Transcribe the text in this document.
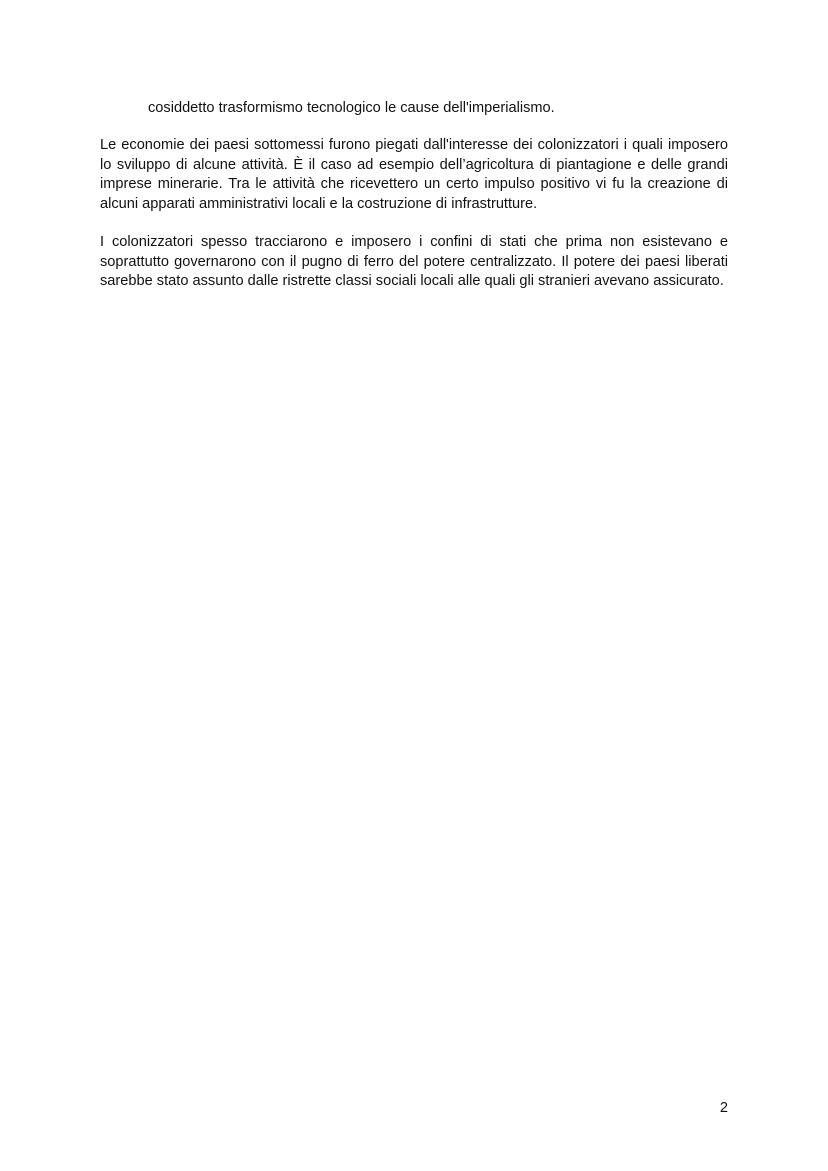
cosiddetto trasformismo tecnologico le cause dell'imperialismo.
Le economie dei paesi sottomessi furono piegati dall'interesse dei colonizzatori i quali imposero lo sviluppo di alcune attività. È il caso ad esempio dell’agricoltura di piantagione e delle grandi imprese minerarie. Tra le attività che ricevettero un certo impulso positivo vi fu la creazione di alcuni apparati amministrativi locali e la costruzione di infrastrutture.
I colonizzatori spesso tracciarono e imposero i confini di stati che prima non esistevano e soprattutto governarono con il pugno di ferro del potere centralizzato. Il potere dei paesi liberati sarebbe stato assunto dalle ristrette classi sociali locali alle quali gli stranieri avevano assicurato.
2
